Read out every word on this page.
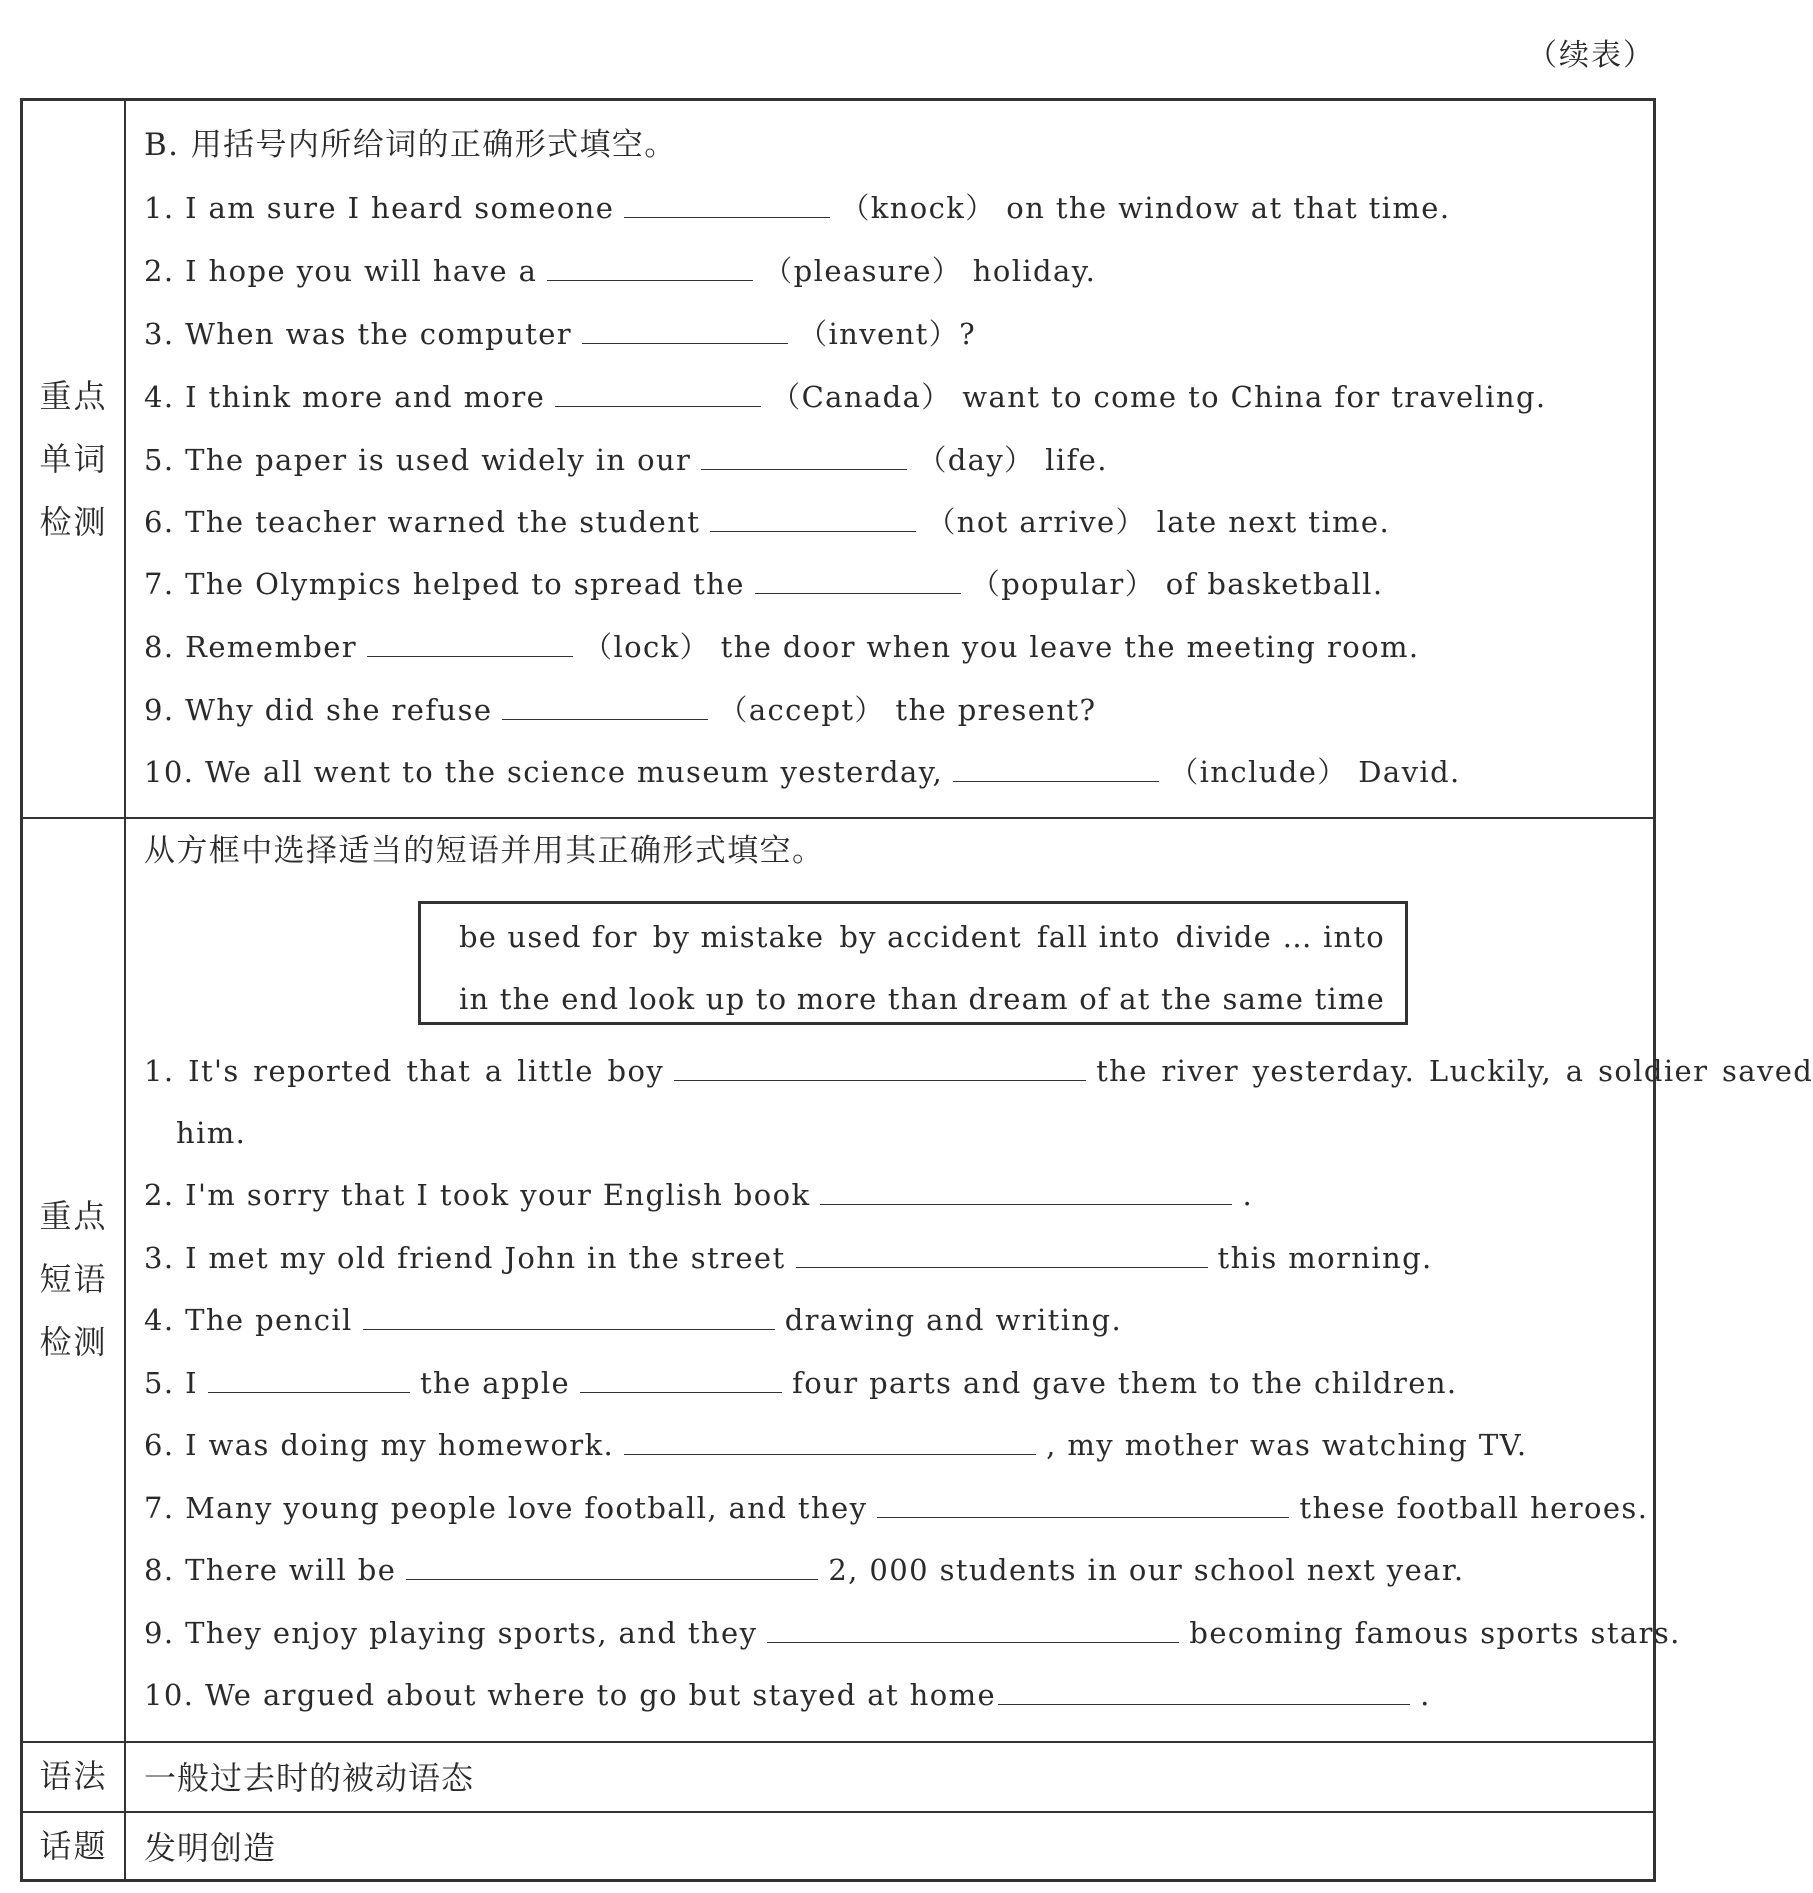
（续表）
重点
单词
检测
B. 用括号内所给词的正确形式填空。
1. I am sure I heard someone	（knock） on the window at that time.
2. I hope you will have a	（pleasure） holiday.
3. When was the computer	（invent）?
4. I think more and more	（Canada） want to come to China for traveling.
5. The paper is used widely in our	（day） life.
6. The teacher warned the student	（not arrive） late next time.
7. The Olympics helped to spread the	（popular） of basketball.
8. Remember	（lock） the door when you leave the meeting room.
9. Why did she refuse	（accept） the present?
10. We all went to the science museum yesterday,	（include） David.
重点
短语
检测
从方框中选择适当的短语并用其正确形式填空。
be used for by mistake by accident fall into divide … into
in the end look up to more than dream of at the same time
1. It's reported that a little boy	the river yesterday. Luckily, a soldier saved
him.
2. I'm sorry that I took your English book	.
3. I met my old friend John in the street	this morning.
4. The pencil	drawing and writing.
5. I	the apple	four parts and gave them to the children.
6. I was doing my homework.	, my mother was watching TV.
7. Many young people love football, and they	these football heroes.
8. There will be	2, 000 students in our school next year.
9. They enjoy playing sports, and they	becoming famous sports stars.
10. We argued about where to go but stayed at home	.
语法 一般过去时的被动语态
话题 发明创造
